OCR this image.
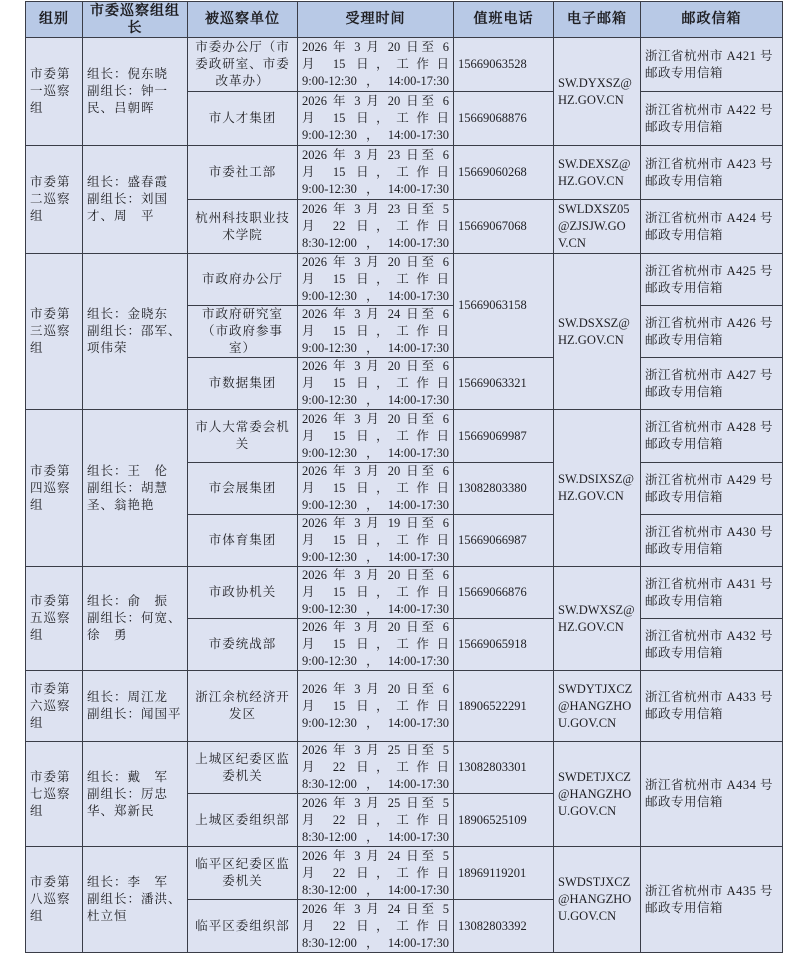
组别	市委巡察组组长	被巡察单位	受理时间	值班电话	电子邮箱	邮政信箱
市委第一巡察组	组长：倪东晓 副组长：钟一民、吕朝晖	市委办公厅（市委政研室、市委改革办）	2026 年 3 月 20 日至 6
月 15 日，工作日
9:00-12:30，14:00-17:30	15669063528	SW.DYXSZ@HZ.GOV.CN	浙江省杭州市 A421 号邮政专用信箱
		市人才集团	2026 年 3 月 20 日至 6
月 15 日，工作日
9:00-12:30，14:00-17:30	15669068876		浙江省杭州市 A422 号邮政专用信箱
市委第二巡察组	组长：盛春霞 副组长：刘国才、周　平	市委社工部	2026 年 3 月 23 日至 6
月 15 日，工作日
9:00-12:30，14:00-17:30	15669060268	SW.DEXSZ@HZ.GOV.CN	浙江省杭州市 A423 号邮政专用信箱
		杭州科技职业技术学院	2026 年 3 月 23 日至 5
月 22 日，工作日
8:30-12:00，14:00-17:30	15669067068	SWLDXSZ05@ZJSJW.GOV.CN	浙江省杭州市 A424 号邮政专用信箱
市委第三巡察组	组长：金晓东 副组长：邵军、项伟荣	市政府办公厅	2026 年 3 月 20 日至 6
月 15 日，工作日
9:00-12:30，14:00-17:30	15669063158	SW.DSXSZ@HZ.GOV.CN	浙江省杭州市 A425 号邮政专用信箱
		市政府研究室（市政府参事室）	2026 年 3 月 24 日至 6
月 15 日，工作日
9:00-12:30，14:00-17:30			浙江省杭州市 A426 号邮政专用信箱
		市数据集团	2026 年 3 月 20 日至 6
月 15 日，工作日
9:00-12:30，14:00-17:30	15669063321		浙江省杭州市 A427 号邮政专用信箱
市委第四巡察组	组长：王　伦 副组长：胡慧圣、翁艳艳	市人大常委会机关	2026 年 3 月 20 日至 6
月 15 日，工作日
9:00-12:30，14:00-17:30	15669069987	SW.DSIXSZ@HZ.GOV.CN	浙江省杭州市 A428 号邮政专用信箱
		市会展集团	2026 年 3 月 20 日至 6
月 15 日，工作日
9:00-12:30，14:00-17:30	13082803380		浙江省杭州市 A429 号邮政专用信箱
		市体育集团	2026 年 3 月 19 日至 6
月 15 日，工作日
9:00-12:30，14:00-17:30	15669066987		浙江省杭州市 A430 号邮政专用信箱
市委第五巡察组	组长：俞　振 副组长：何宽、徐　勇	市政协机关	2026 年 3 月 20 日至 6
月 15 日，工作日
9:00-12:30，14:00-17:30	15669066876	SW.DWXSZ@HZ.GOV.CN	浙江省杭州市 A431 号邮政专用信箱
		市委统战部	2026 年 3 月 20 日至 6
月 15 日，工作日
9:00-12:30，14:00-17:30	15669065918		浙江省杭州市 A432 号邮政专用信箱
市委第六巡察组	组长：周江龙 副组长：闻国平	浙江余杭经济开发区	2026 年 3 月 20 日至 6
月 15 日，工作日
9:00-12:30，14:00-17:30	18906522291	SWDYTJXCZ@HANGZHOU.GOV.CN	浙江省杭州市 A433 号邮政专用信箱
市委第七巡察组	组长：戴　军 副组长：厉忠华、郑新民	上城区纪委区监委机关	2026 年 3 月 25 日至 5
月 22 日，工作日
8:30-12:00，14:00-17:30	13082803301	SWDETJXCZ@HANGZHOU.GOV.CN	浙江省杭州市 A434 号邮政专用信箱
		上城区委组织部	2026 年 3 月 25 日至 5
月 22 日，工作日
8:30-12:00，14:00-17:30	18906525109		
市委第八巡察组	组长：李　军 副组长：潘洪、杜立恒	临平区纪委区监委机关	2026 年 3 月 24 日至 5
月 22 日，工作日
8:30-12:00，14:00-17:30	18969119201	SWDSTJXCZ@HANGZHOU.GOV.CN	浙江省杭州市 A435 号邮政专用信箱
		临平区委组织部	2026 年 3 月 24 日至 5
月 22 日，工作日
8:30-12:00，14:00-17:30	13082803392		
